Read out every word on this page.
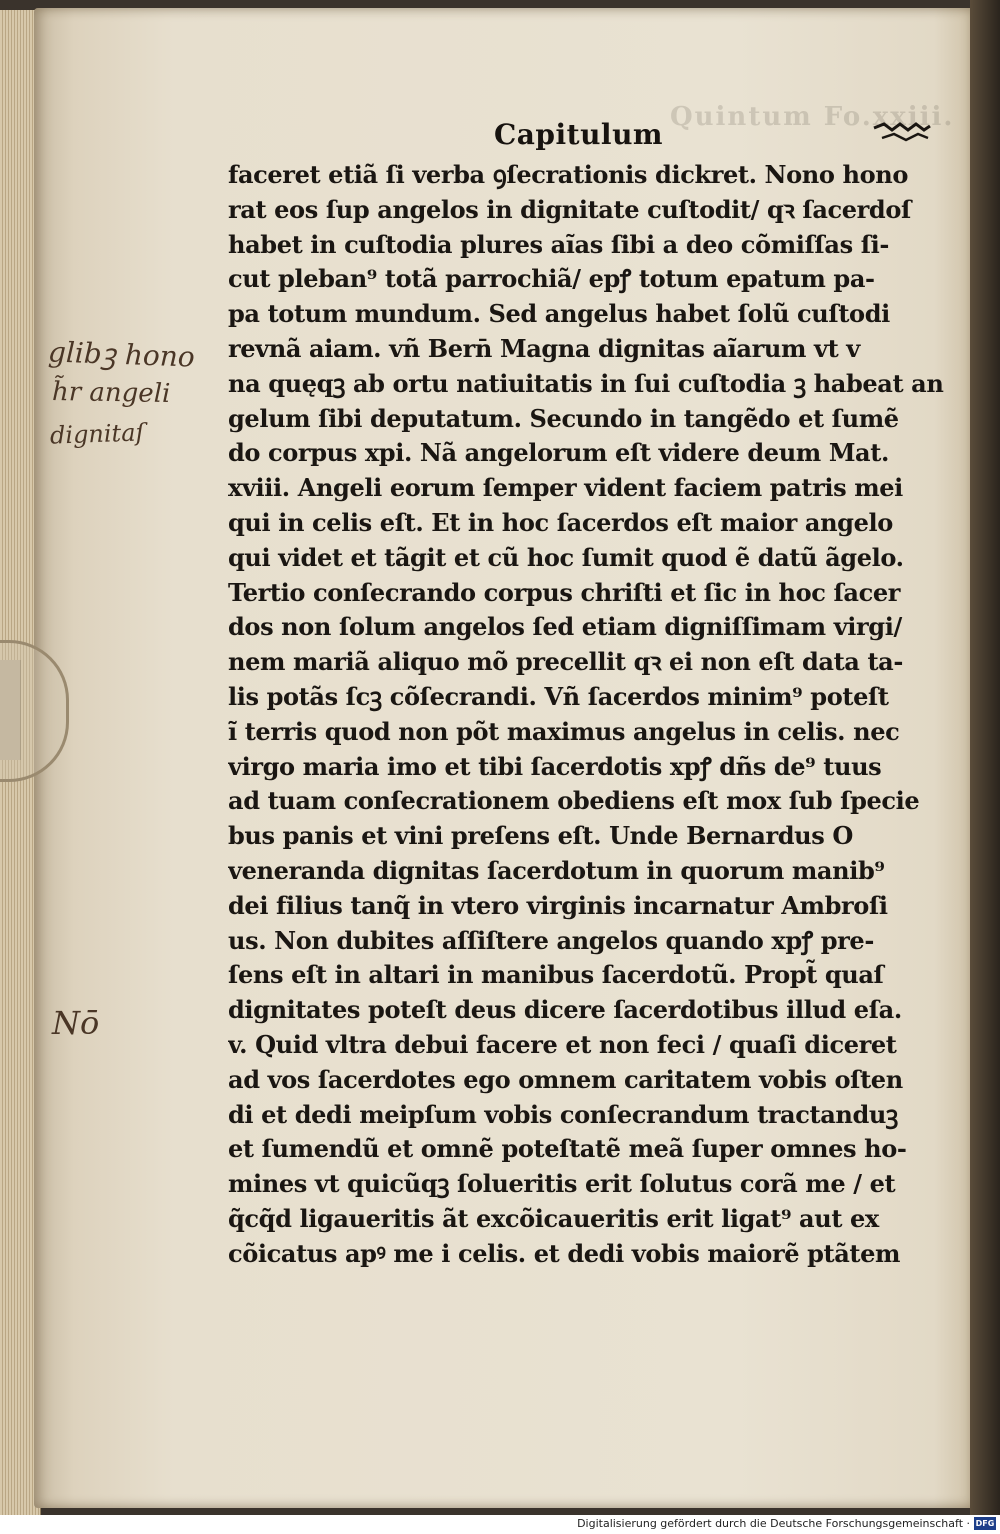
Quintum Fo.xxiii.
Capitulum
faceret etiã ſi verba ꝯſecrationis dickret. Nono hono
rat eos ſup angelos in dignitate cuſtodit/ qꝛ ſacerdoſ
habet in cuſtodia plures aĩas ſibi a deo cõmiſſas ſi-
cut pleban⁹ totã parrochiã/ epꝭ totum epatum pa-
pa totum mundum. Sed angelus habet ſolũ cuſtodi
revnã aiam. vñ Bern̄ Magna dignitas aĩarum vt v
na quęqꝫ ab ortu natiuitatis in ſui cuſtodia ꝫ habeat an
gelum ſibi deputatum. Secundo in tangẽdo et ſumẽ
do corpus xpi. Nã angelorum eſt videre deum Mat.
xviii. Angeli eorum ſemper vident faciem patris mei
qui in celis eſt. Et in hoc ſacerdos eſt maior angelo
qui videt et tãgit et cũ hoc ſumit quod ẽ datũ ãgelo.
Tertio conſecrando corpus chriſti et ſic in hoc ſacer
dos non ſolum angelos ſed etiam digniſſimam virgi/
nem mariã aliquo mõ precellit qꝛ ei non eſt data ta-
lis potãs ſcꝫ cõſecrandi. Vñ ſacerdos minim⁹ poteſt
ĩ terris quod non põt maximus angelus in celis. nec
virgo maria imo et tibi ſacerdotis xpꝭ dñs de⁹ tuus
ad tuam conſecrationem obediens eſt mox ſub ſpecie
bus panis et vini preſens eſt. Unde Bernardus O
veneranda dignitas ſacerdotum in quorum manib⁹
dei filius tanq̃ in vtero virginis incarnatur Ambroſi
us. Non dubites aſſiſtere angelos quando xpꝭ pre-
ſens eſt in altari in manibus ſacerdotũ. Propt̃ quaſ
dignitates poteſt deus dicere ſacerdotibus illud eſa.
v. Quid vltra debui facere et non feci / quaſi diceret
ad vos ſacerdotes ego omnem caritatem vobis oſten
di et dedi meipſum vobis conſecrandum tractanduꝫ
et ſumendũ et omnẽ poteſtatẽ meã ſuper omnes ho-
mines vt quicũqꝫ ſolueritis erit ſolutus corã me / et
q̃cq̃d ligaueritis ãt excõicaueritis erit ligat⁹ aut ex
cõicatus apꝰ me i celis. et dedi vobis maiorẽ ptãtem
glibꝫ hono
h̃r angeli
dignitaſ
Nō
Digitalisierung gefördert durch die Deutsche Forschungsgemeinschaft · DFG
